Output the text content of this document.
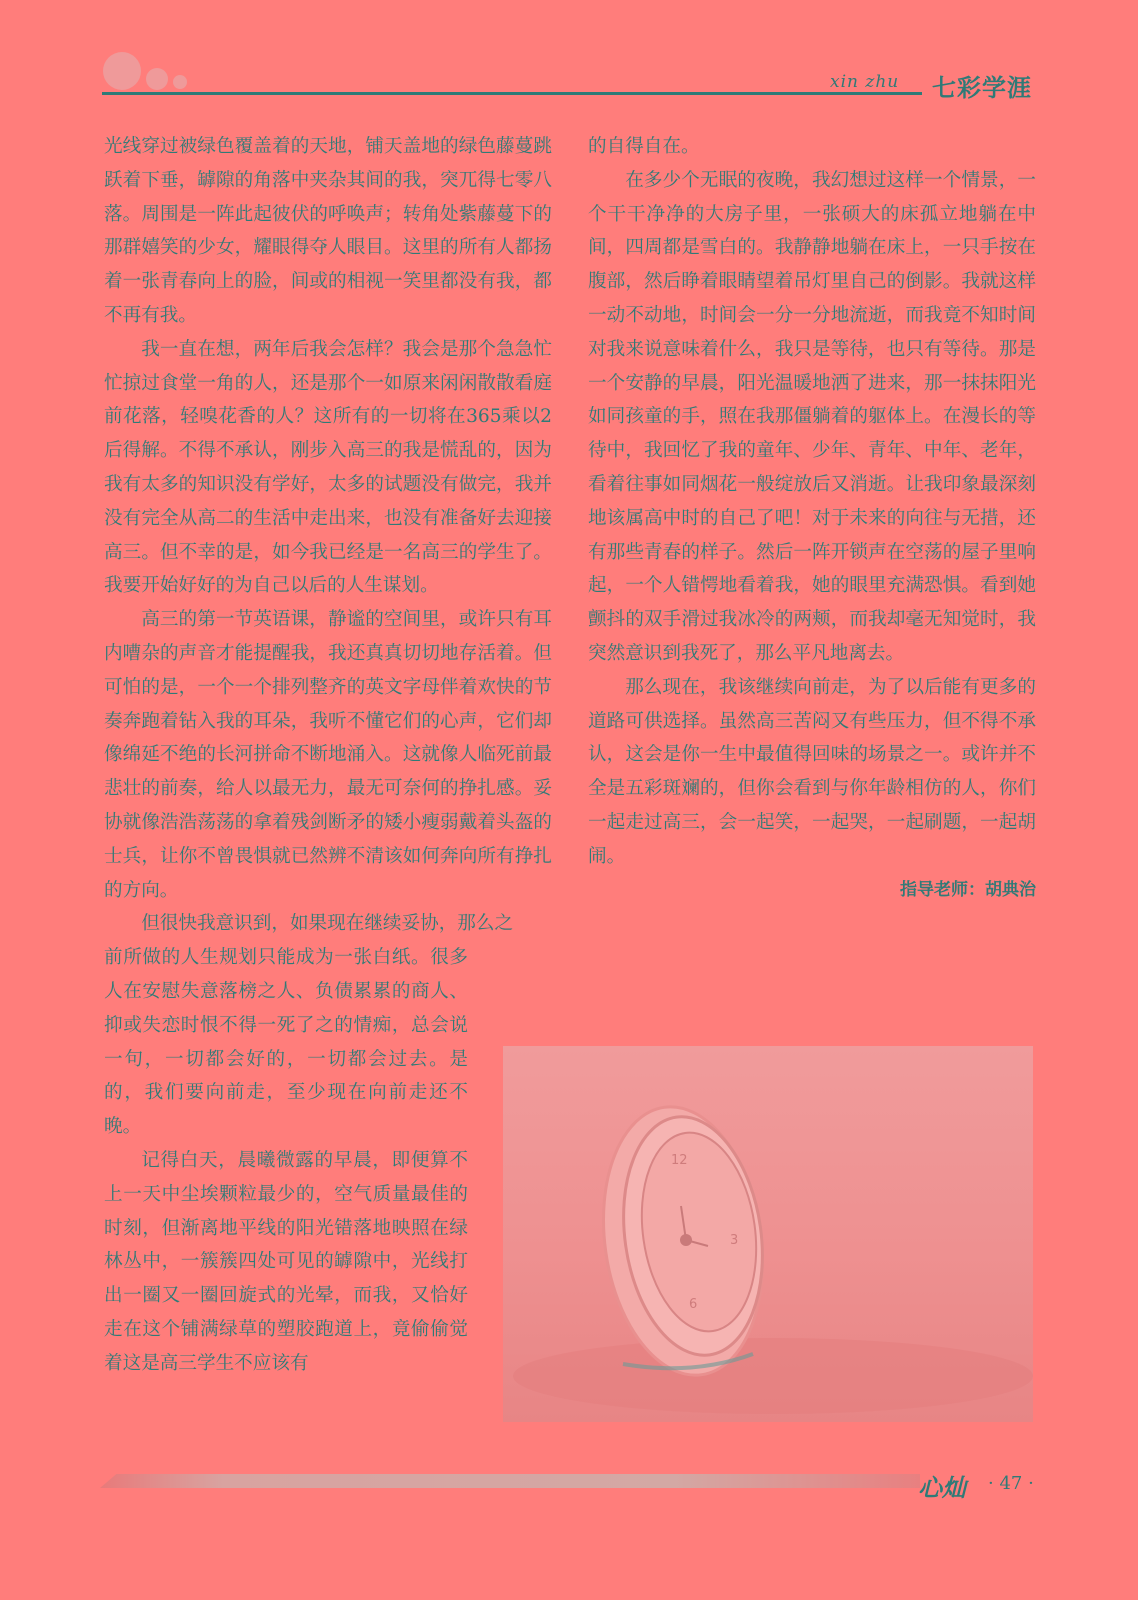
xin zhu 七彩学涯

光线穿过被绿色覆盖着的天地，铺天盖地的绿色藤蔓跳跃着下垂，罅隙的角落中夹杂其间的我，突兀得七零八落。周围是一阵此起彼伏的呼唤声；转角处紫藤蔓下的那群嬉笑的少女，耀眼得夺人眼目。这里的所有人都扬着一张青春向上的脸，间或的相视一笑里都没有我，都不再有我。

我一直在想，两年后我会怎样？我会是那个急急忙忙掠过食堂一角的人，还是那个一如原来闲闲散散看庭前花落，轻嗅花香的人？这所有的一切将在365乘以2后得解。不得不承认，刚步入高三的我是慌乱的，因为我有太多的知识没有学好，太多的试题没有做完，我并没有完全从高二的生活中走出来，也没有准备好去迎接高三。但不幸的是，如今我已经是一名高三的学生了。我要开始好好的为自己以后的人生谋划。

高三的第一节英语课，静谧的空间里，或许只有耳内嘈杂的声音才能提醒我，我还真真切切地存活着。但可怕的是，一个一个排列整齐的英文字母伴着欢快的节奏奔跑着钻入我的耳朵，我听不懂它们的心声，它们却像绵延不绝的长河拼命不断地涌入。这就像人临死前最悲壮的前奏，给人以最无力，最无可奈何的挣扎感。妥协就像浩浩荡荡的拿着残剑断矛的矮小瘦弱戴着头盔的士兵，让你不曾畏惧就已然辨不清该如何奔向所有挣扎的方向。

但很快我意识到，如果现在继续妥协，那么之

前所做的人生规划只能成为一张白纸。很多人在安慰失意落榜之人、负债累累的商人、抑或失恋时恨不得一死了之的情痴，总会说一句，一切都会好的，一切都会过去。是的，我们要向前走，至少现在向前走还不晚。

记得白天，晨曦微露的早晨，即便算不上一天中尘埃颗粒最少的，空气质量最佳的时刻，但渐离地平线的阳光错落地映照在绿林丛中，一簇簇四处可见的罅隙中，光线打出一圈又一圈回旋式的光晕，而我，又恰好走在这个铺满绿草的塑胶跑道上，竟偷偷觉着这是高三学生不应该有

的自得自在。

在多少个无眠的夜晚，我幻想过这样一个情景，一个干干净净的大房子里，一张硕大的床孤立地躺在中间，四周都是雪白的。我静静地躺在床上，一只手按在腹部，然后睁着眼睛望着吊灯里自己的倒影。我就这样一动不动地，时间会一分一分地流逝，而我竟不知时间对我来说意味着什么，我只是等待，也只有等待。那是一个安静的早晨，阳光温暖地洒了进来，那一抹抹阳光如同孩童的手，照在我那僵躺着的躯体上。在漫长的等待中，我回忆了我的童年、少年、青年、中年、老年，看着往事如同烟花一般绽放后又消逝。让我印象最深刻地该属高中时的自己了吧！对于未来的向往与无措，还有那些青春的样子。然后一阵开锁声在空荡的屋子里响起，一个人错愕地看着我，她的眼里充满恐惧。看到她颤抖的双手滑过我冰冷的两颊，而我却毫无知觉时，我突然意识到我死了，那么平凡地离去。

那么现在，我该继续向前走，为了以后能有更多的道路可供选择。虽然高三苦闷又有些压力，但不得不承认，这会是你一生中最值得回味的场景之一。或许并不全是五彩斑斓的，但你会看到与你年龄相仿的人，你们一起走过高三，会一起笑，一起哭，一起刷题，一起胡闹。

指导老师：胡典治

12
3
6
心灿 · 47 ·
